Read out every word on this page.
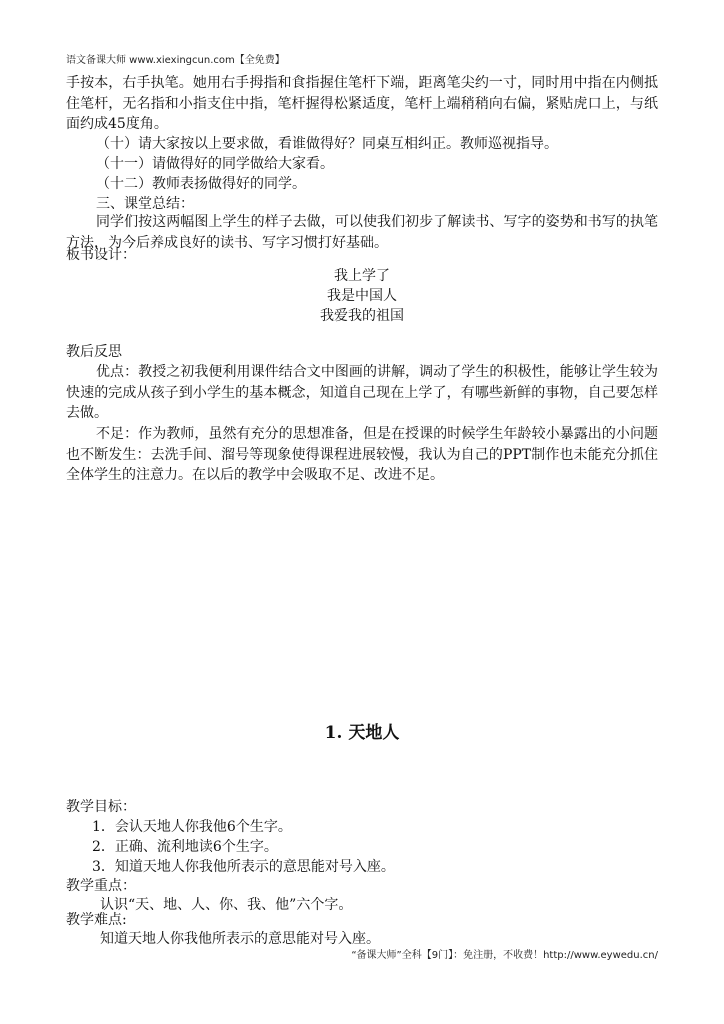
语文备课大师 www.xiexingcun.com【全免费】
手按本，右手执笔。她用右手拇指和食指握住笔杆下端，距离笔尖约一寸，同时用中指在内侧抵住笔杆，无名指和小指支住中指，笔杆握得松紧适度，笔杆上端稍稍向右偏，紧贴虎口上，与纸面约成45度角。
（十）请大家按以上要求做，看谁做得好？同桌互相纠正。教师巡视指导。
（十一）请做得好的同学做给大家看。
（十二）教师表扬做得好的同学。
三、课堂总结：
同学们按这两幅图上学生的样子去做，可以使我们初步了解读书、写字的姿势和书写的执笔方法，为今后养成良好的读书、写字习惯打好基础。
板书设计：
我上学了
我是中国人
我爱我的祖国
教后反思
优点：教授之初我便利用课件结合文中图画的讲解，调动了学生的积极性，能够让学生较为快速的完成从孩子到小学生的基本概念，知道自己现在上学了，有哪些新鲜的事物，自己要怎样去做。
不足：作为教师，虽然有充分的思想准备，但是在授课的时候学生年龄较小暴露出的小问题也不断发生：去洗手间、溜号等现象使得课程进展较慢，我认为自己的PPT制作也未能充分抓住全体学生的注意力。在以后的教学中会吸取不足、改进不足。
1. 天地人
教学目标：
1．会认天地人你我他6个生字。
2．正确、流利地读6个生字。
3．知道天地人你我他所表示的意思能对号入座。
教学重点：
认识“天、地、人、你、我、他”六个字。
教学难点:
知道天地人你我他所表示的意思能对号入座。
“备课大师”全科【9门】：免注册，不收费！http://www.eywedu.cn/
